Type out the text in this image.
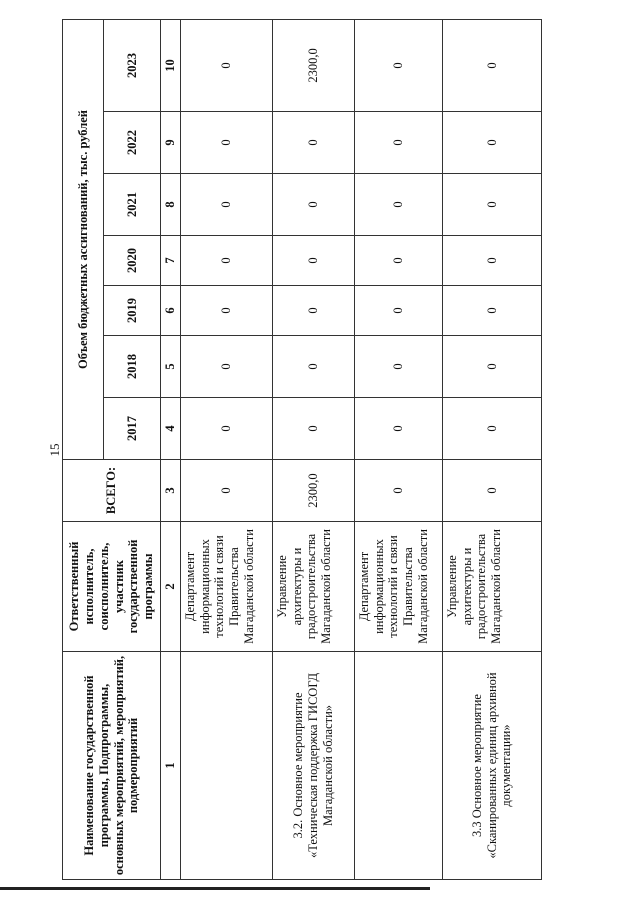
15
Наименование государственной программы, Подпрограммы, основных мероприятий, мероприятий, подмероприятий	Ответственный исполнитель, соисполнитель, участник государственной программы	ВСЕГО:	Объем бюджетных ассигнований, тыс. рублей						
			2017	2018	2019	2020	2021	2022	2023
1	2	3	4	5	6	7	8	9	10
	Департамент информационных технологий и связи Правительства Магаданской области	0	0	0	0	0	0	0	0
3.2. Основное мероприятие «Техническая поддержка ГИСОГД Магаданской области»	Управление архитектуры и градостроительства Магаданской области	2300,0	0	0	0	0	0	0	2300,0
	Департамент информационных технологий и связи Правительства Магаданской области	0	0	0	0	0	0	0	0
3.3 Основное мероприятие «Сканированных единиц архивной документации»	Управление архитектуры и градостроительства Магаданской области	0	0	0	0	0	0	0	0
